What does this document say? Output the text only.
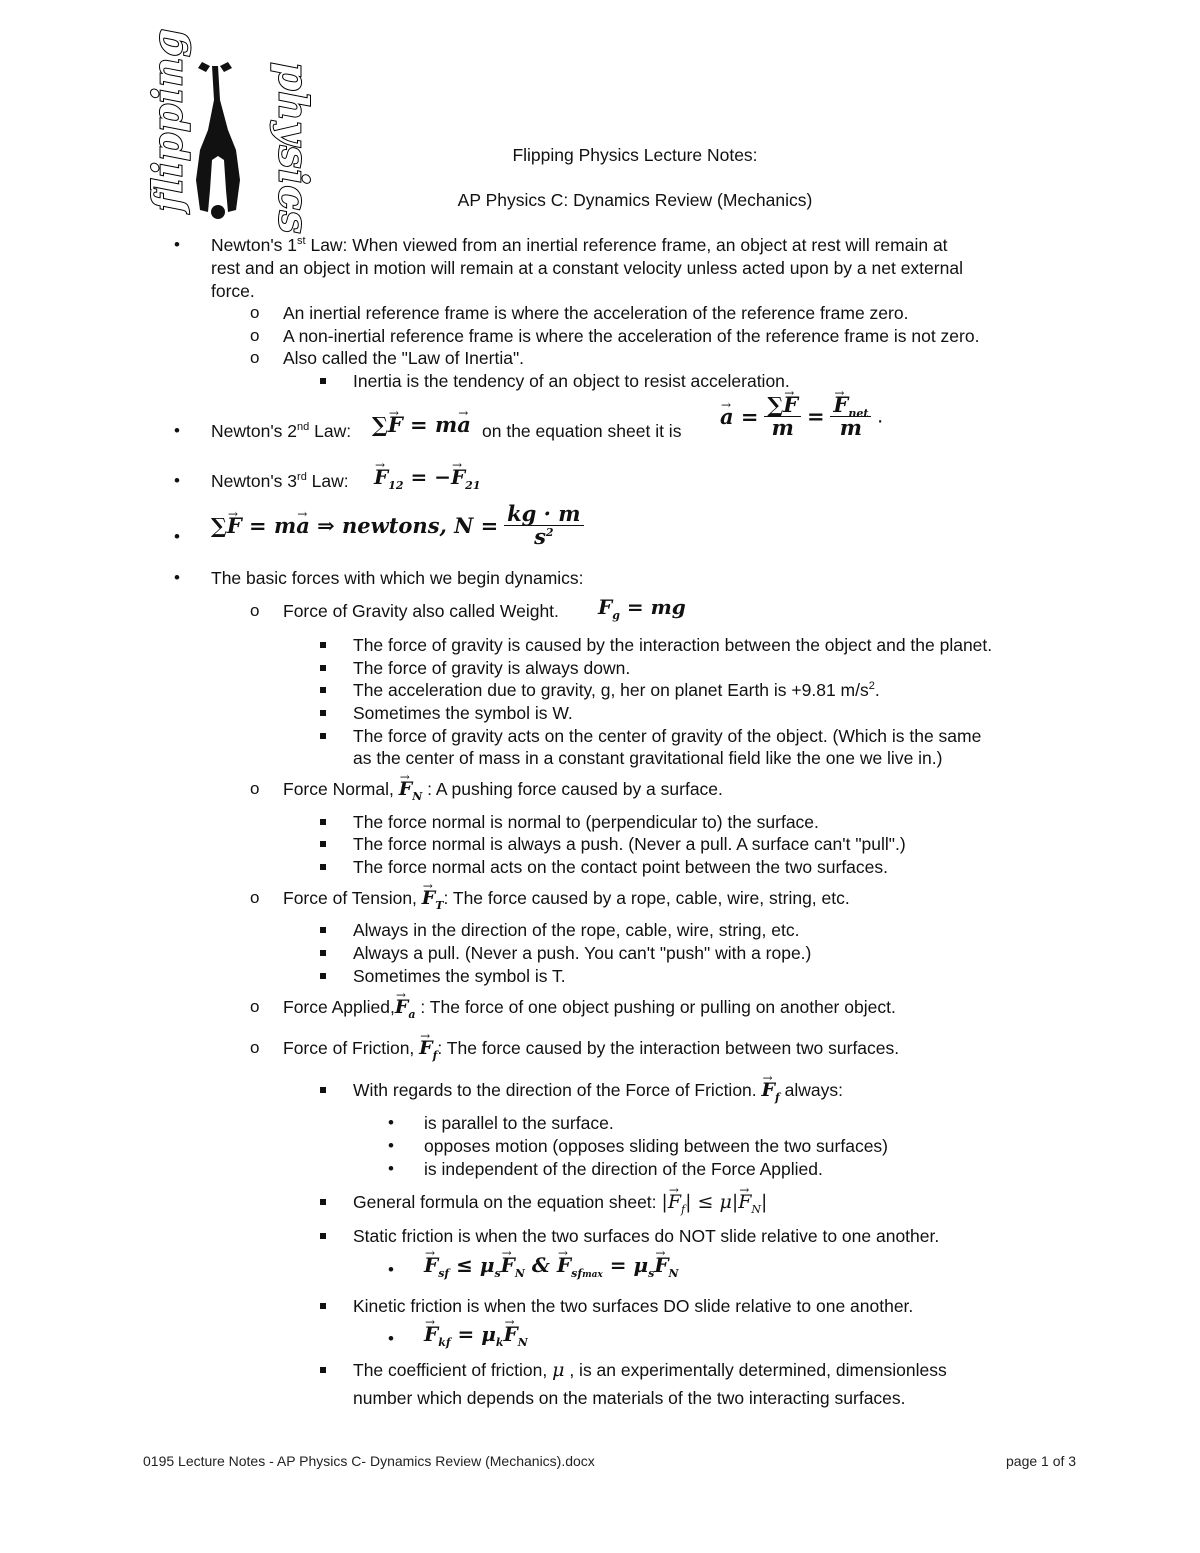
flipping physics	Flipping Physics Lecture Notes:
AP Physics C: Dynamics Review (Mechanics)
•
Newton's 1st Law: When viewed from an inertial reference frame, an object at rest will remain at
rest and an object in motion will remain at a constant velocity unless acted upon by a net external
force.
o
An inertial reference frame is where the acceleration of the reference frame zero.
o
A non-inertial reference frame is where the acceleration of the reference frame is not zero.
o
Also called the "Law of Inertia".
Inertia is the tendency of an object to resist acceleration.
•
Newton's 2nd Law: ∑→ F = m→ a on the equation sheet it is
→ $a = \frac{\sum\to F}{m}$ = → $\frac{F_{net}}{m}$ .
•
Newton's 3rd Law: → $F_{12}$ = −→ $F_{21}$
•
∑→ F = m→ a ⇒ newtons, $N = \frac{kg \cdot m}{s^2}$
•
The basic forces with which we begin dynamics:
o
Force of Gravity also called Weight. $F_g$ = mg
The force of gravity is caused by the interaction between the object and the planet.
The force of gravity is always down.
The acceleration due to gravity, g, her on planet Earth is +9.81 $m/s^2$.
Sometimes the symbol is W.
The force of gravity acts on the center of gravity of the object. (Which is the same
as the center of mass in a constant gravitational field like the one we live in.)
o
Force Normal, → $F_N$ : A pushing force caused by a surface.
The force normal is normal to (perpendicular to) the surface.
The force normal is always a push. (Never a pull. A surface can't "pull".)
The force normal acts on the contact point between the two surfaces.
o
Force of Tension, → $F_T$: The force caused by a rope, cable, wire, string, etc.
Always in the direction of the rope, cable, wire, string, etc.
Always a pull. (Never a push. You can't "push" with a rope.)
Sometimes the symbol is T.
o
Force Applied,→ $F_a$ : The force of one object pushing or pulling on another object.
o
Force of Friction, → $F_f$: The force caused by the interaction between two surfaces.
With regards to the direction of the Force of Friction. → $F_f$ always:
•
is parallel to the surface.
•
opposes motion (opposes sliding between the two surfaces)
•
is independent of the direction of the Force Applied.
General formula on the equation sheet: |→ $F_f| \le \mu|\to F_N|$
Static friction is when the two surfaces do NOT slide relative to one another.
•
→ $F_{sf} \le \mu_s\to F_N$ & → $F_{sfmax} = \mu_s\to F_N$
Kinetic friction is when the two surfaces DO slide relative to one another.
•
→ $F_{kf} = \mu_k\to F_N$
The coefficient of friction, μ , is an experimentally determined, dimensionless
number which depends on the materials of the two interacting surfaces.
0195 Lecture Notes - AP Physics C- Dynamics Review (Mechanics).docx	page 1 of 3
